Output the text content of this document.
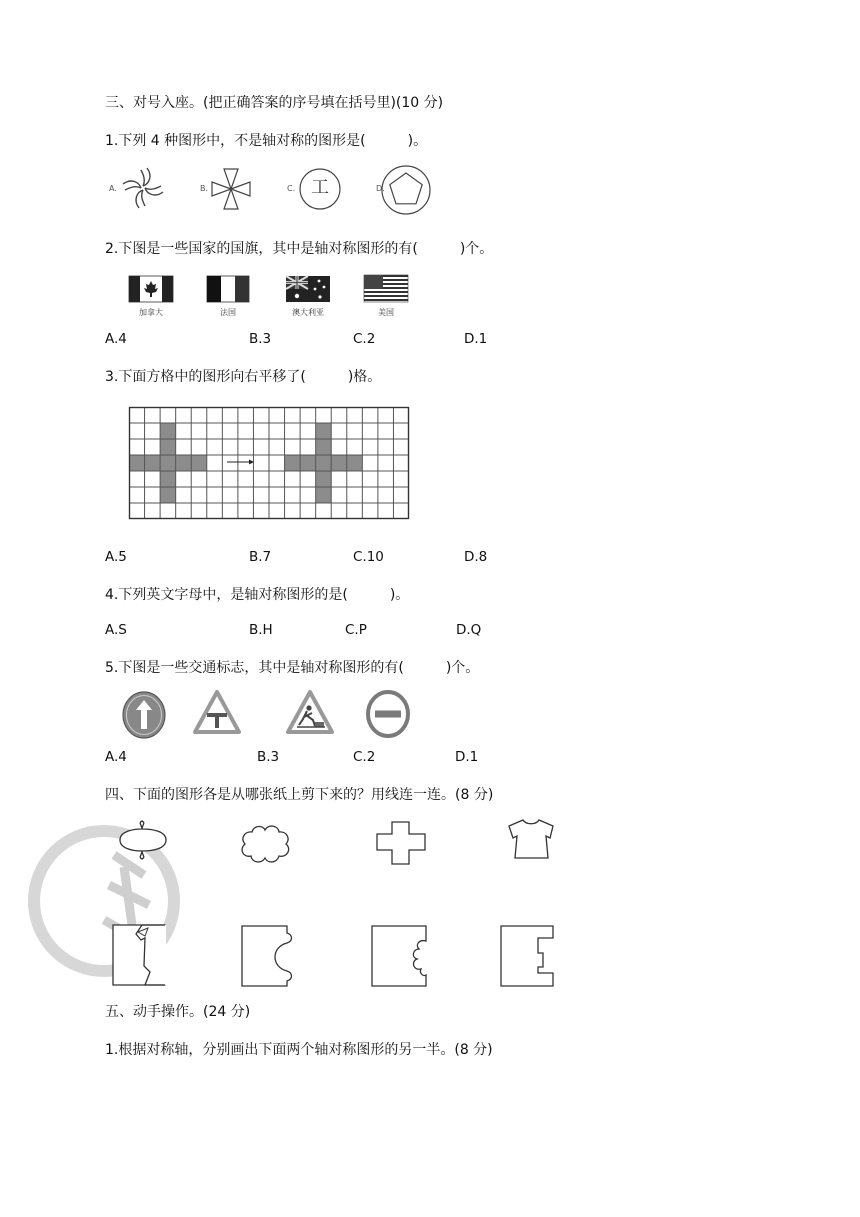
三、对号入座。(把正确答案的序号填在括号里)(10 分)
1.下列 4 种图形中，不是轴对称的图形是(　　　)。
A.	B.	C. 工	D.
2.下图是一些国家的国旗，其中是轴对称图形的有(　　　)个。
加拿大	法国	澳大利亚	美国
A.4	B.3	C.2	D.1
3.下面方格中的图形向右平移了(　　　)格。
A.5	B.7	C.10	D.8
4.下列英文字母中，是轴对称图形的是(　　　)。
A.S	B.H	C.P	D.Q
5.下图是一些交通标志，其中是轴对称图形的有(　　　)个。
A.4	B.3	C.2	D.1
四、下面的图形各是从哪张纸上剪下来的？用线连一连。(8 分)
五、动手操作。(24 分)
1.根据对称轴，分别画出下面两个轴对称图形的另一半。(8 分)
